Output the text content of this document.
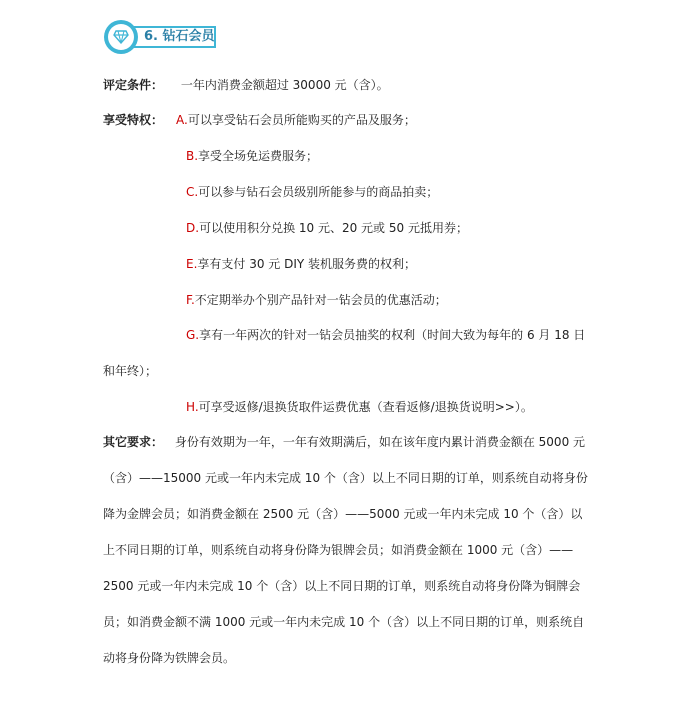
6. 钻石会员
评定条件： 一年内消费金额超过 30000 元（含）。
享受特权： A.可以享受钻石会员所能购买的产品及服务；
B.享受全场免运费服务；
C.可以参与钻石会员级别所能参与的商品拍卖；
D.可以使用积分兑换 10 元、20 元或 50 元抵用券；
E.享有支付 30 元 DIY 装机服务费的权利；
F.不定期举办个别产品针对一钻会员的优惠活动；
G.享有一年两次的针对一钻会员抽奖的权利（时间大致为每年的 6 月 18 日
和年终）；
H.可享受返修/退换货取件运费优惠（查看返修/退换货说明>>）。
其它要求： 身份有效期为一年，一年有效期满后，如在该年度内累计消费金额在 5000 元
（含）——15000 元或一年内未完成 10 个（含）以上不同日期的订单，则系统自动将身份
降为金牌会员；如消费金额在 2500 元（含）——5000 元或一年内未完成 10 个（含）以
上不同日期的订单，则系统自动将身份降为银牌会员；如消费金额在 1000 元（含）——
2500 元或一年内未完成 10 个（含）以上不同日期的订单，则系统自动将身份降为铜牌会
员；如消费金额不满 1000 元或一年内未完成 10 个（含）以上不同日期的订单，则系统自
动将身份降为铁牌会员。
